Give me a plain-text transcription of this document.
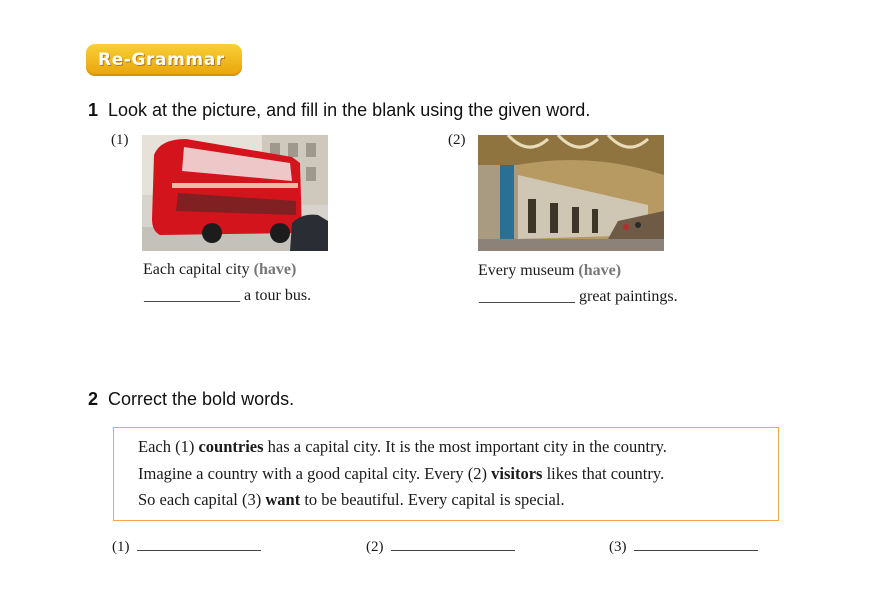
Re-Grammar
1 Look at the picture, and fill in the blank using the given word.
(1)
Each capital city (have)
____________ a tour bus.
(2)
Every museum (have)
____________ great paintings.
2 Correct the bold words.

Each (1) countries has a capital city. It is the most important city in the country.

Imagine a country with a good capital city. Every (2) visitors likes that country.

So each capital (3) want to be beautiful. Every capital is special.

(1)	(2)	(3)
